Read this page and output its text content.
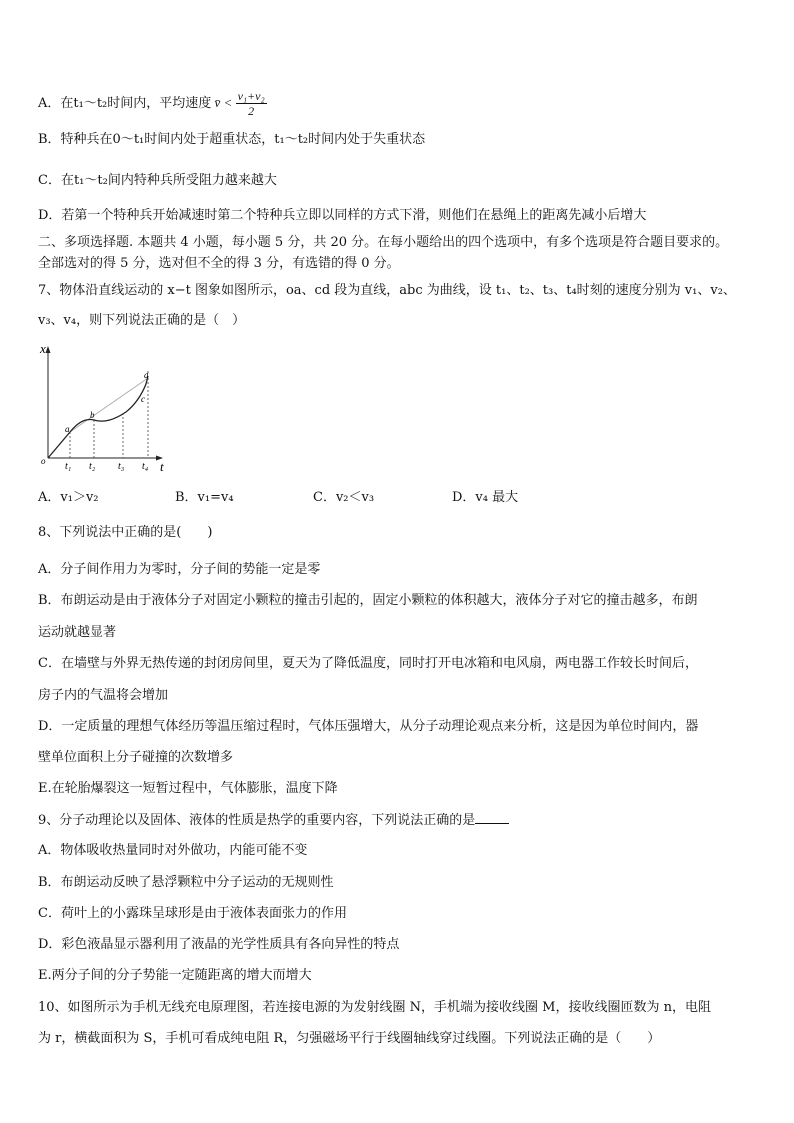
A．在t₁～t₂时间内，平均速度 v̄ < $\frac{\text{v₁+v₂}}{2}$
B．特种兵在0～t₁时间内处于超重状态，t₁～t₂时间内处于失重状态
C．在t₁～t₂间内特种兵所受阻力越来越大
D．若第一个特种兵开始减速时第二个特种兵立即以同样的方式下滑，则他们在悬绳上的距离先减小后增大
二、多项选择题. 本题共 4 小题，每小题 5 分，共 20 分。在每小题给出的四个选项中，有多个选项是符合题目要求的。
全部选对的得 5 分，选对但不全的得 3 分，有选错的得 0 分。
7、物体沿直线运动的 x−t 图象如图所示，oa、cd 段为直线，abc 为曲线，设 t₁、t₂、t₃、t₄时刻的速度分别为 v₁、v₂、
v₃、v₄，则下列说法正确的是（　）
x
t
o
a
b
c
d
t₁ t₂ t₃ t₄
A．v₁＞v₂	B．v₁=v₄	C．v₂＜v₃	D．v₄ 最大
8、下列说法中正确的是(　　)
A．分子间作用力为零时，分子间的势能一定是零
B．布朗运动是由于液体分子对固定小颗粒的撞击引起的，固定小颗粒的体积越大，液体分子对它的撞击越多，布朗
运动就越显著
C．在墙壁与外界无热传递的封闭房间里，夏天为了降低温度，同时打开电冰箱和电风扇，两电器工作较长时间后，
房子内的气温将会增加
D．一定质量的理想气体经历等温压缩过程时，气体压强增大，从分子动理论观点来分析，这是因为单位时间内，器
壁单位面积上分子碰撞的次数增多
E.在轮胎爆裂这一短暂过程中，气体膨胀，温度下降
9、分子动理论以及固体、液体的性质是热学的重要内容，下列说法正确的是
A．物体吸收热量同时对外做功，内能可能不变
B．布朗运动反映了悬浮颗粒中分子运动的无规则性
C．荷叶上的小露珠呈球形是由于液体表面张力的作用
D．彩色液晶显示器利用了液晶的光学性质具有各向异性的特点
E.两分子间的分子势能一定随距离的增大而增大
10、如图所示为手机无线充电原理图，若连接电源的为发射线圈 N，手机端为接收线圈 M，接收线圈匝数为 n，电阻
为 r，横截面积为 S，手机可看成纯电阻 R，匀强磁场平行于线圈轴线穿过线圈。下列说法正确的是（　　）
